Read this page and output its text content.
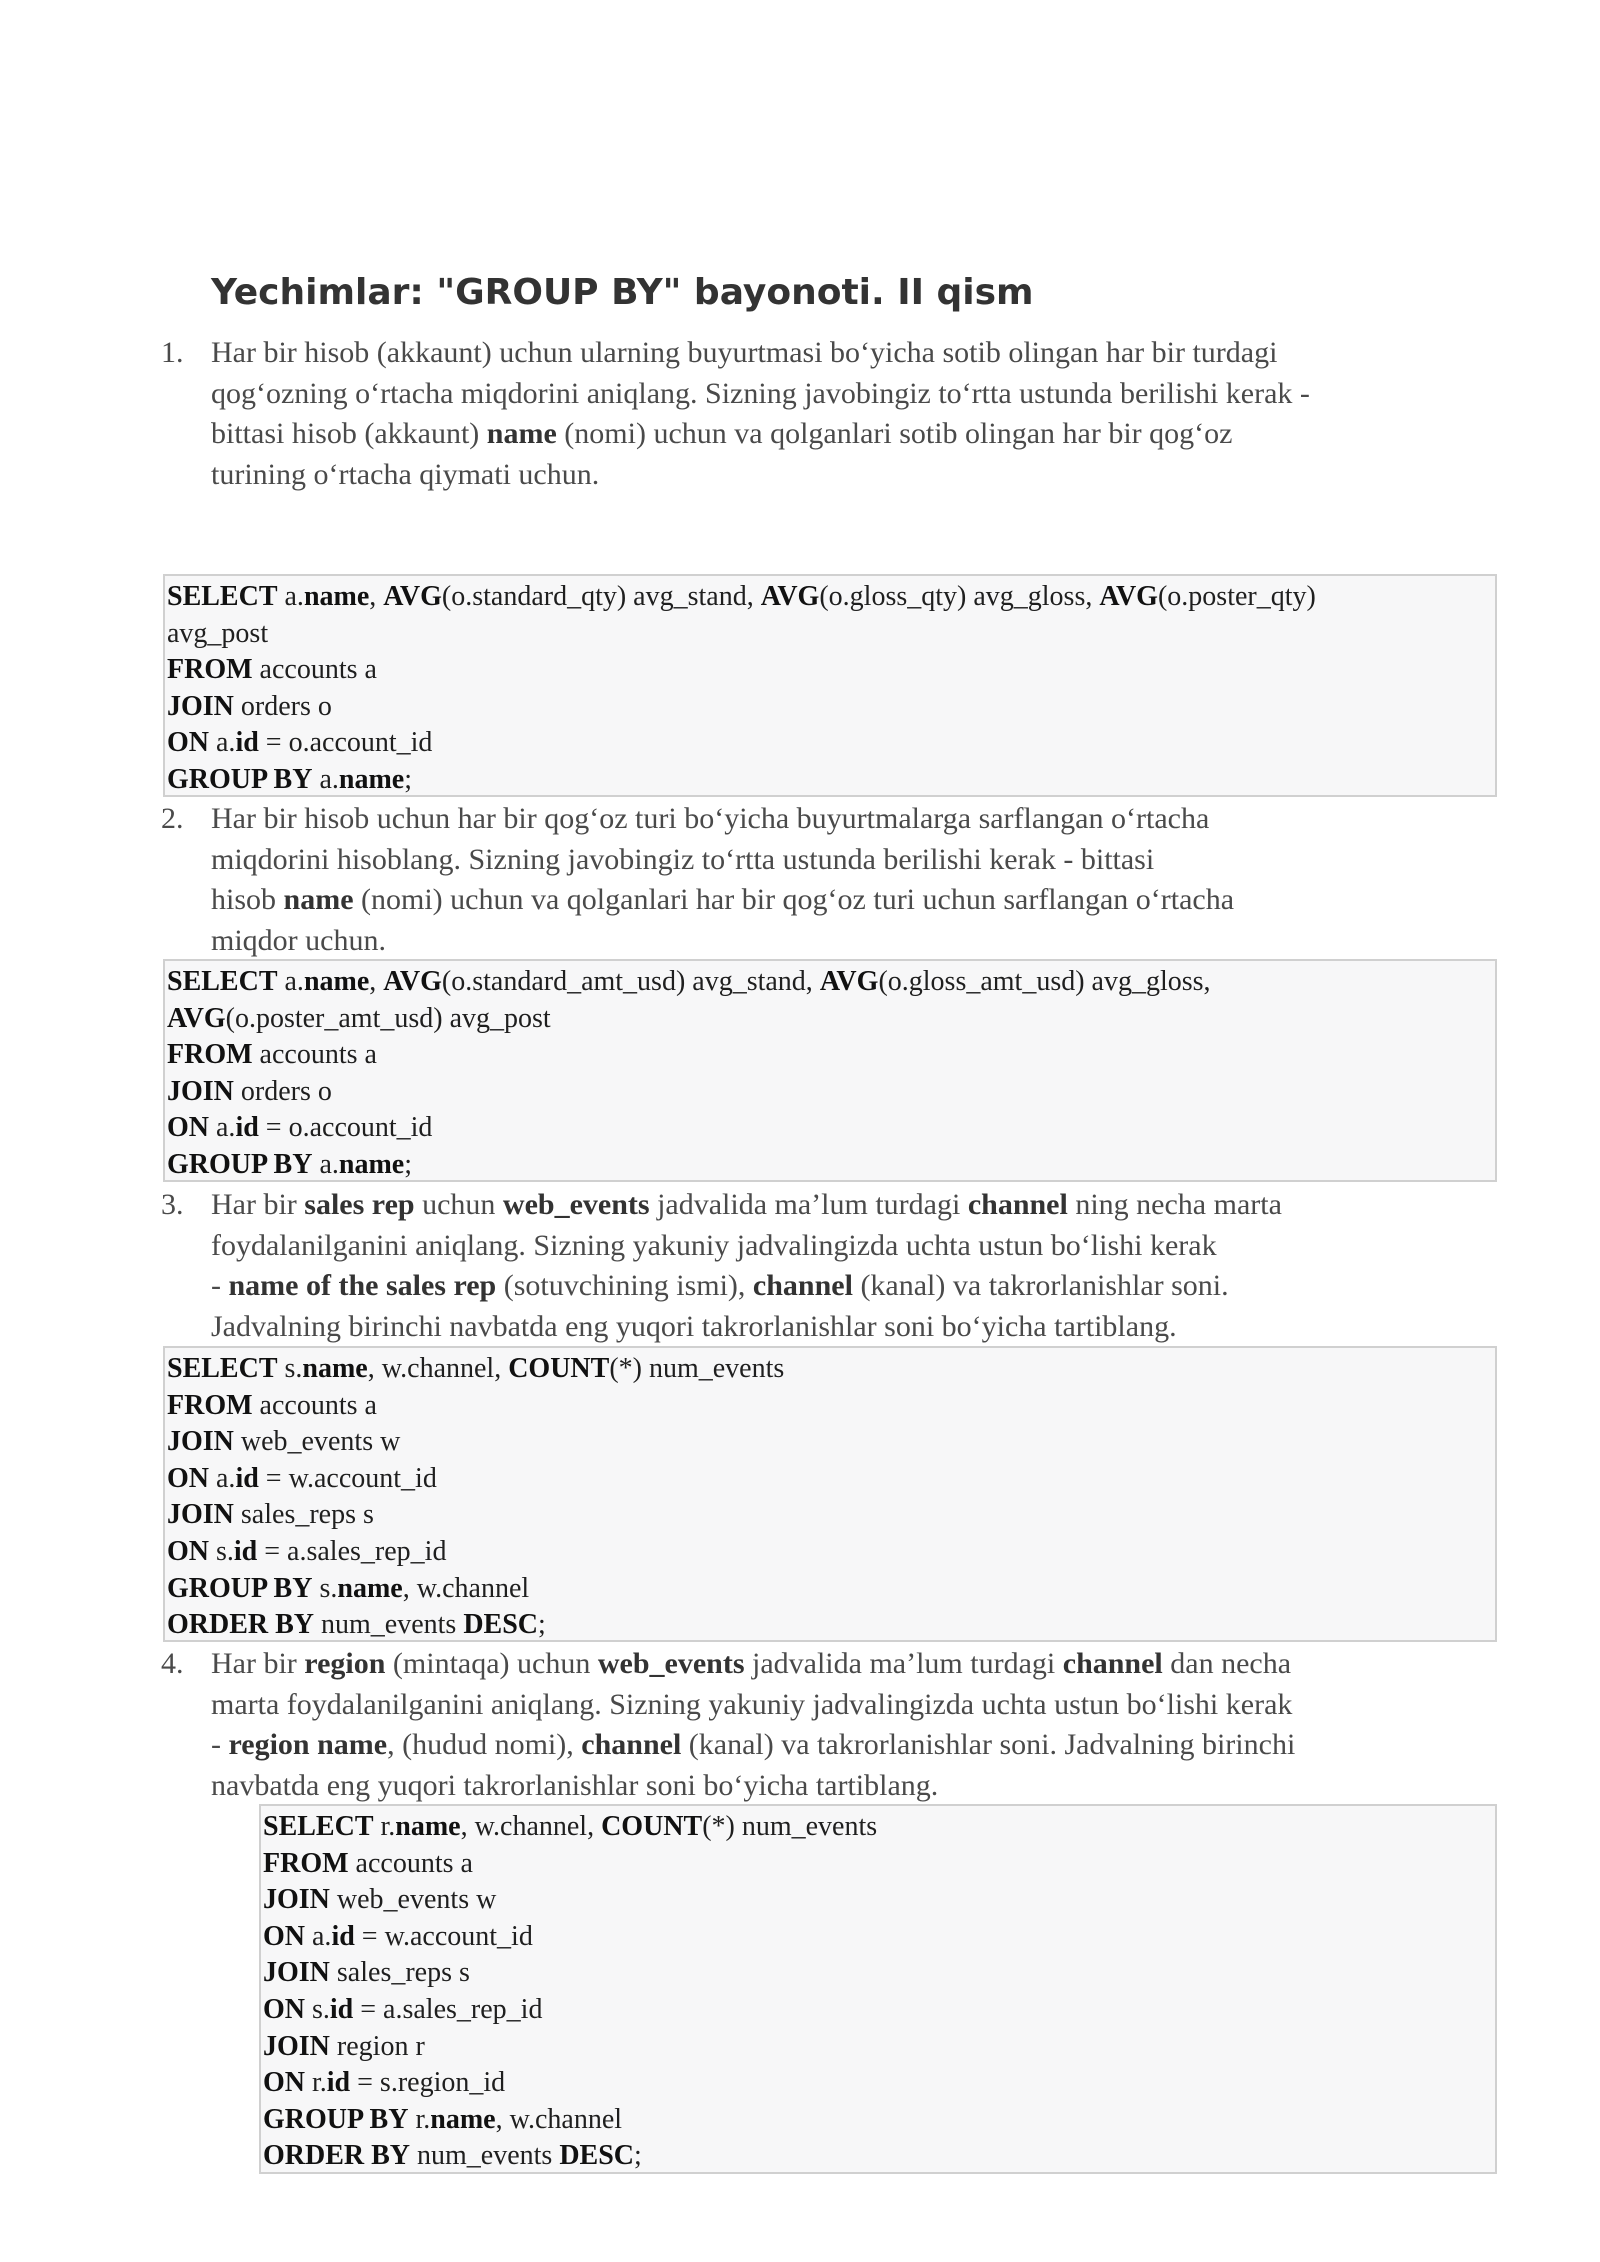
Yechimlar: "GROUP BY" bayonoti. II qism
1. Har bir hisob (akkaunt) uchun ularning buyurtmasi bo‘yicha sotib olingan har bir turdagi
qog‘ozning o‘rtacha miqdorini aniqlang. Sizning javobingiz to‘rtta ustunda berilishi kerak -
bittasi hisob (akkaunt) name (nomi) uchun va qolganlari sotib olingan har bir qog‘oz
turining o‘rtacha qiymati uchun.
SELECT a.name, AVG(o.standard_qty) avg_stand, AVG(o.gloss_qty) avg_gloss, AVG(o.poster_qty)
avg_post
FROM accounts a
JOIN orders o
ON a.id = o.account_id
GROUP BY a.name;
2. Har bir hisob uchun har bir qog‘oz turi bo‘yicha buyurtmalarga sarflangan o‘rtacha
miqdorini hisoblang. Sizning javobingiz to‘rtta ustunda berilishi kerak - bittasi
hisob name (nomi) uchun va qolganlari har bir qog‘oz turi uchun sarflangan o‘rtacha
miqdor uchun.
SELECT a.name, AVG(o.standard_amt_usd) avg_stand, AVG(o.gloss_amt_usd) avg_gloss,
AVG(o.poster_amt_usd) avg_post
FROM accounts a
JOIN orders o
ON a.id = o.account_id
GROUP BY a.name;
3. Har bir sales rep uchun web_events jadvalida ma’lum turdagi channel ning necha marta
foydalanilganini aniqlang. Sizning yakuniy jadvalingizda uchta ustun bo‘lishi kerak
- name of the sales rep (sotuvchining ismi), channel (kanal) va takrorlanishlar soni.
Jadvalning birinchi navbatda eng yuqori takrorlanishlar soni bo‘yicha tartiblang.
SELECT s.name, w.channel, COUNT(*) num_events
FROM accounts a
JOIN web_events w
ON a.id = w.account_id
JOIN sales_reps s
ON s.id = a.sales_rep_id
GROUP BY s.name, w.channel
ORDER BY num_events DESC;
4. Har bir region (mintaqa) uchun web_events jadvalida ma’lum turdagi channel dan necha
marta foydalanilganini aniqlang. Sizning yakuniy jadvalingizda uchta ustun bo‘lishi kerak
- region name, (hudud nomi), channel (kanal) va takrorlanishlar soni. Jadvalning birinchi
navbatda eng yuqori takrorlanishlar soni bo‘yicha tartiblang.
SELECT r.name, w.channel, COUNT(*) num_events
FROM accounts a
JOIN web_events w
ON a.id = w.account_id
JOIN sales_reps s
ON s.id = a.sales_rep_id
JOIN region r
ON r.id = s.region_id
GROUP BY r.name, w.channel
ORDER BY num_events DESC;
